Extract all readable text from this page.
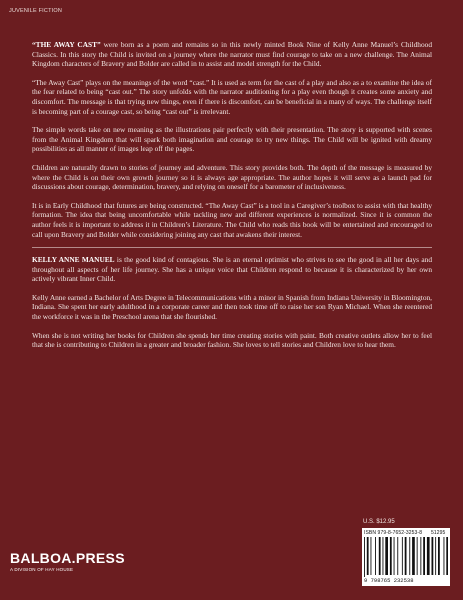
JUVENILE FICTION

“THE AWAY CAST” were born as a poem and remains so in this newly minted Book Nine of Kelly Anne Manuel’s Childhood Classics. In this story the Child is invited on a journey where the narrator must find courage to take on a new challenge. The Animal Kingdom characters of Bravery and Bolder are called in to assist and model strength for the Child.

“The Away Cast” plays on the meanings of the word “cast.” It is used as term for the cast of a play and also as a to examine the idea of the fear related to being “cast out.” The story unfolds with the narrator auditioning for a play even though it creates some anxiety and discomfort. The message is that trying new things, even if there is discomfort, can be beneficial in a many of ways. The challenge itself is becoming part of a courage cast, so being “cast out” is irrelevant.

The simple words take on new meaning as the illustrations pair perfectly with their presentation. The story is supported with scenes from the Animal Kingdom that will spark both imagination and courage to try new things. The Child will be ignited with dreamy possibilities as all manner of images leap off the pages.

Children are naturally drawn to stories of journey and adventure. This story provides both. The depth of the message is measured by where the Child is on their own growth journey so it is always age appropriate. The author hopes it will serve as a launch pad for discussions about courage, determination, bravery, and relying on oneself for a barometer of inclusiveness.

It is in Early Childhood that futures are being constructed. “The Away Cast” is a tool in a Caregiver’s toolbox to assist with that healthy formation. The idea that being uncomfortable while tackling new and different experiences is normalized. Since it is common the author feels it is important to address it in Children’s Literature. The Child who reads this book will be entertained and encouraged to call upon Bravery and Bolder while considering joining any cast that awakens their interest.

KELLY ANNE MANUEL is the good kind of contagious. She is an eternal optimist who strives to see the good in all her days and throughout all aspects of her life journey. She has a unique voice that Children respond to because it is characterized by her own actively vibrant Inner Child.

Kelly Anne earned a Bachelor of Arts Degree in Telecommunications with a minor in Spanish from Indiana University in Bloomington, Indiana. She spent her early adulthood in a corporate career and then took time off to raise her son Ryan Michael. When she reentered the workforce it was in the Preschool arena that she flourished.

When she is not writing her books for Children she spends her time creating stories with paint. Both creative outlets allow her to feel that she is contributing to Children in a greater and broader fashion. She loves to tell stories and Children love to hear them.

U.S. $12.95
ISBN 979-8-7652-3253-8 51295
9 798765 232538
BALBOA.PRESS
A DIVISION OF HAY HOUSE
